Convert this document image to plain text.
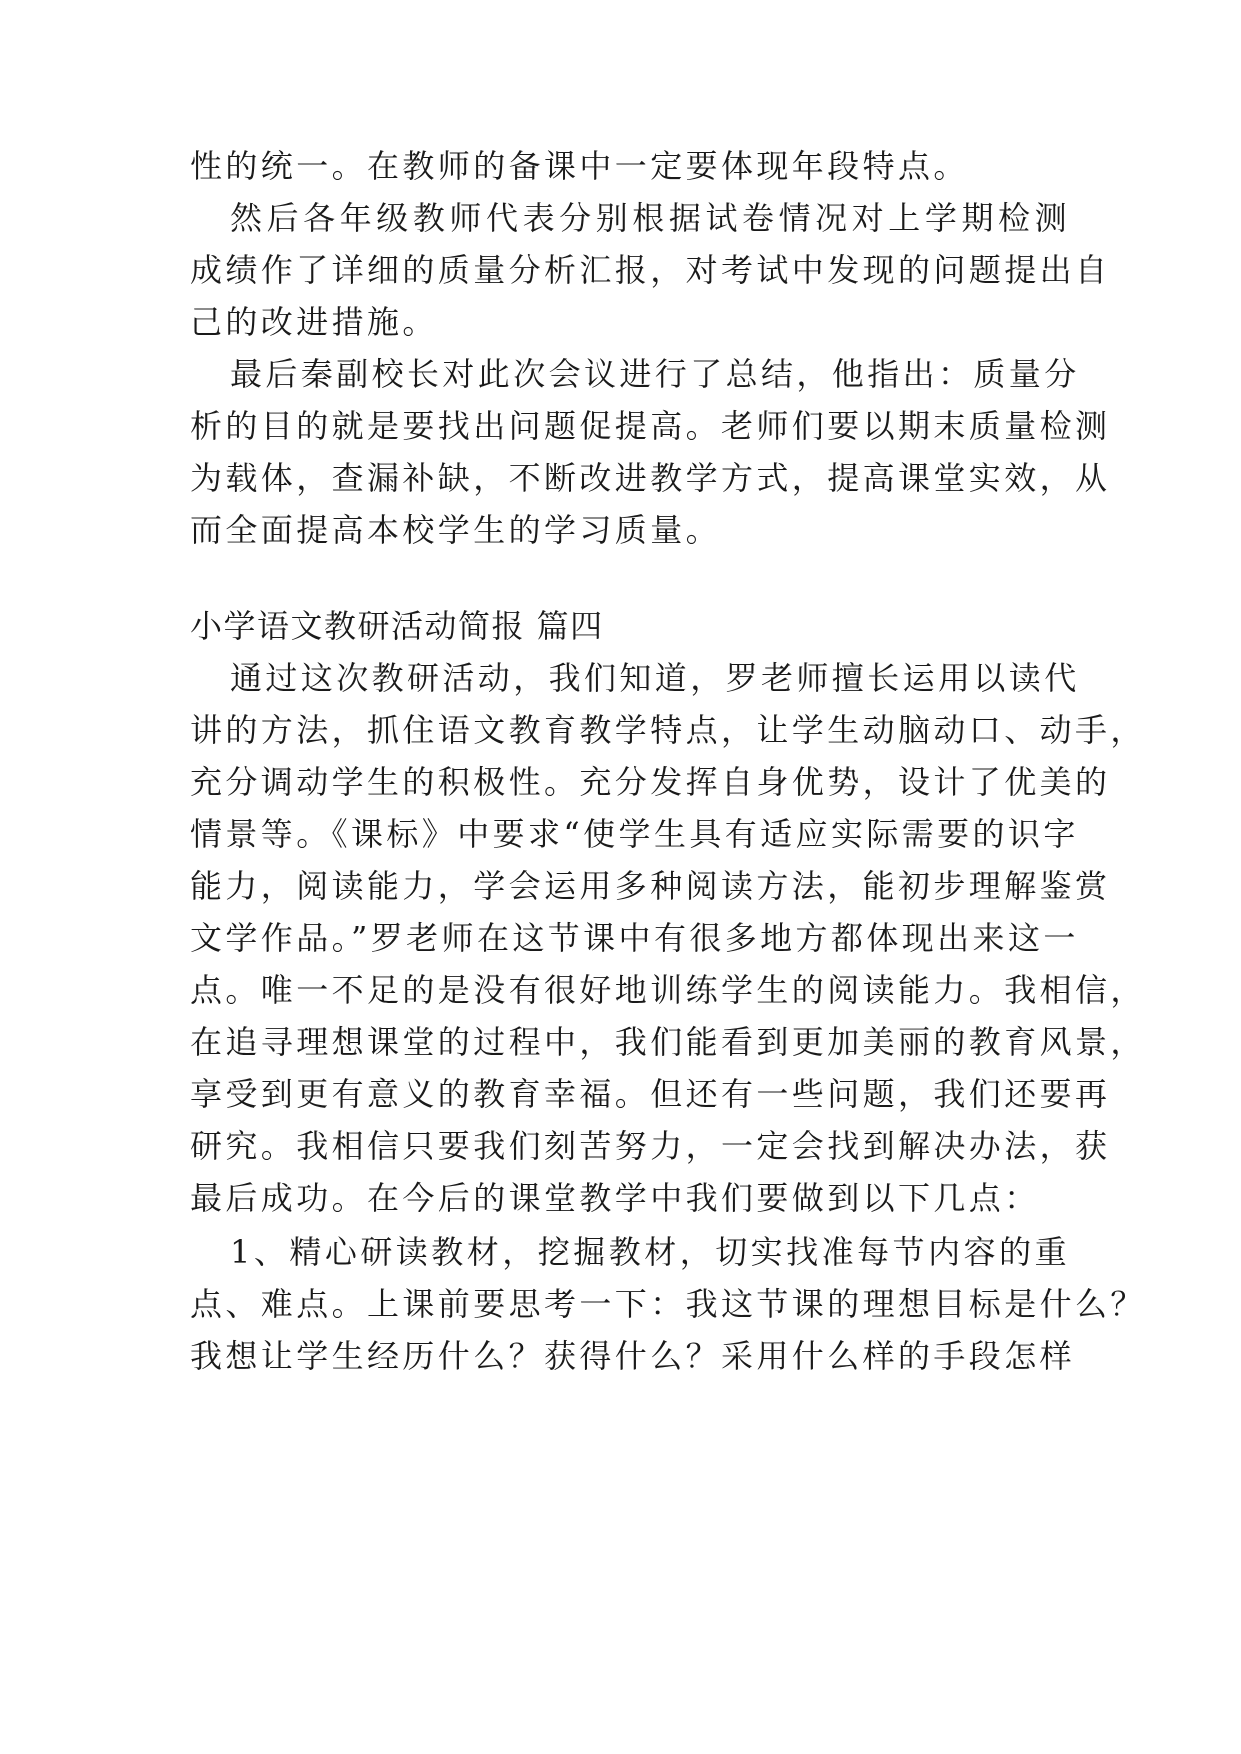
性的统一。在教师的备课中一定要体现年段特点。
然后各年级教师代表分别根据试卷情况对上学期检测
成绩作了详细的质量分析汇报，对考试中发现的问题提出自
己的改进措施。
最后秦副校长对此次会议进行了总结，他指出：质量分
析的目的就是要找出问题促提高。老师们要以期末质量检测
为载体，查漏补缺，不断改进教学方式，提高课堂实效，从
而全面提高本校学生的学习质量。
小学语文教研活动简报 篇四
通过这次教研活动，我们知道，罗老师擅长运用以读代
讲的方法，抓住语文教育教学特点，让学生动脑动口、动手，
充分调动学生的积极性。充分发挥自身优势，设计了优美的
情景等。《课标》中要求“使学生具有适应实际需要的识字
能力，阅读能力，学会运用多种阅读方法，能初步理解鉴赏
文学作品。”罗老师在这节课中有很多地方都体现出来这一
点。唯一不足的是没有很好地训练学生的阅读能力。我相信，
在追寻理想课堂的过程中，我们能看到更加美丽的教育风景，
享受到更有意义的教育幸福。但还有一些问题，我们还要再
研究。我相信只要我们刻苦努力，一定会找到解决办法，获
最后成功。在今后的课堂教学中我们要做到以下几点：
1、精心研读教材，挖掘教材，切实找准每节内容的重
点、难点。上课前要思考一下：我这节课的理想目标是什么？
我想让学生经历什么？获得什么？采用什么样的手段怎样
